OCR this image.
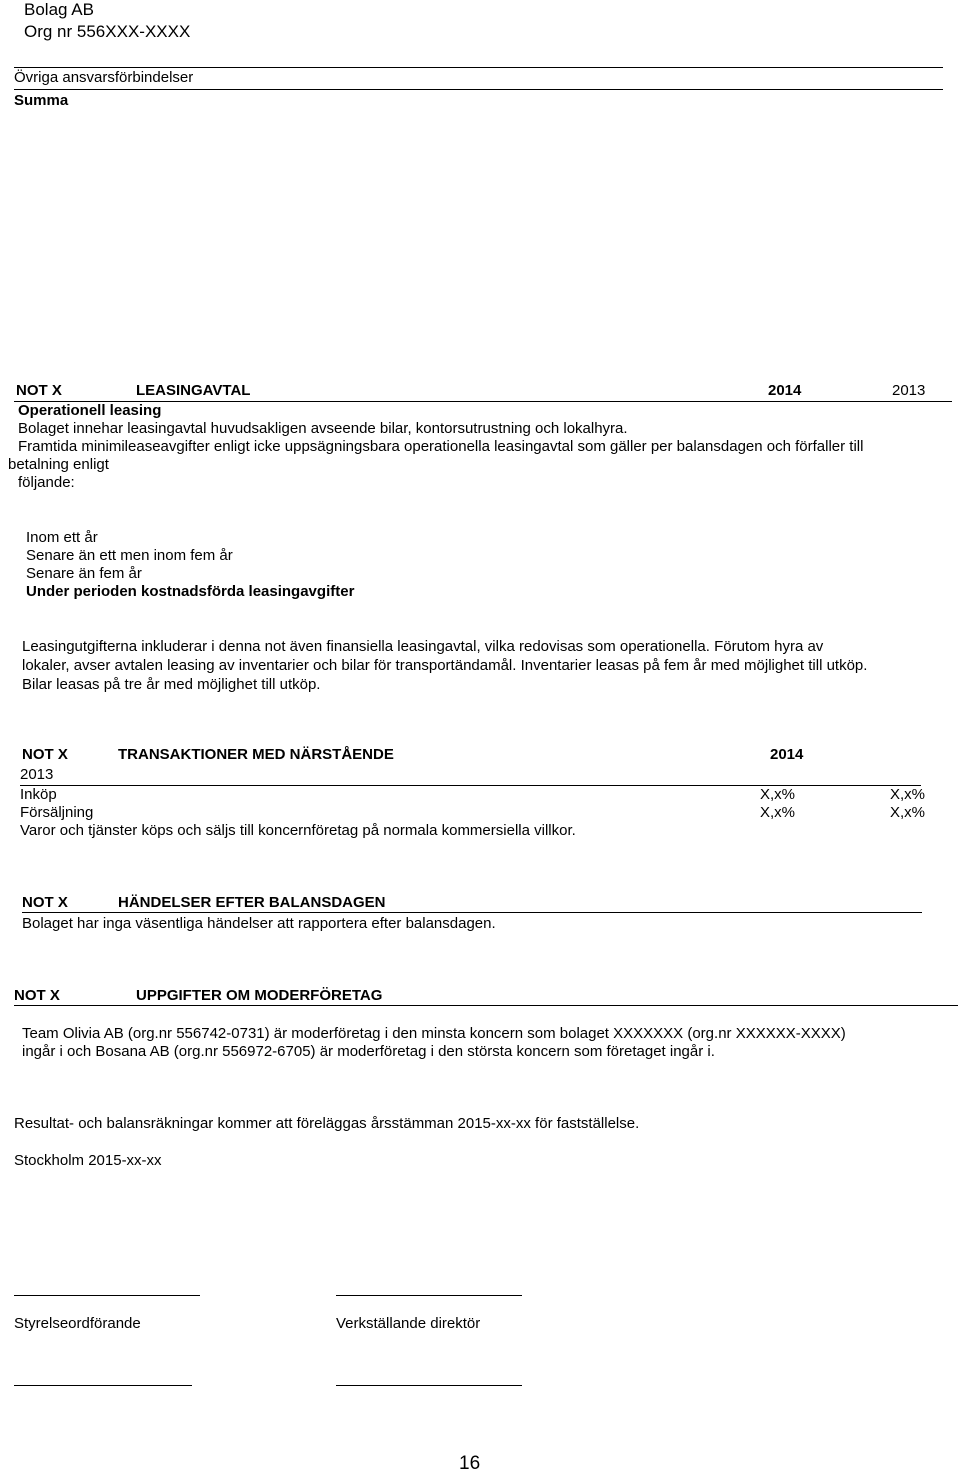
Bolag AB
Org nr 556XXX-XXXX
Övriga ansvarsförbindelser
Summa
NOT X	LEASINGAVTAL	2014	2013
Operationell leasing
Bolaget innehar leasingavtal huvudsakligen avseende bilar, kontorsutrustning och lokalhyra.
Framtida minimileaseavgifter enligt icke uppsägningsbara operationella leasingavtal som gäller per balansdagen och förfaller till
betalning enligt
följande:
Inom ett år
Senare än ett men inom fem år
Senare än fem år
Under perioden kostnadsförda leasingavgifter
Leasingutgifterna inkluderar i denna not även finansiella leasingavtal, vilka redovisas som operationella. Förutom hyra av
lokaler, avser avtalen leasing av inventarier och bilar för transportändamål. Inventarier leasas på fem år med möjlighet till utköp.
Bilar leasas på tre år med möjlighet till utköp.
NOT X	TRANSAKTIONER MED NÄRSTÅENDE	2014
2013
Inköp	X,x%	X,x%
Försäljning	X,x%	X,x%
Varor och tjänster köps och säljs till koncernföretag på normala kommersiella villkor.
NOT X	HÄNDELSER EFTER BALANSDAGEN
Bolaget har inga väsentliga händelser att rapportera efter balansdagen.
NOT X	UPPGIFTER OM MODERFÖRETAG
Team Olivia AB (org.nr 556742-0731) är moderföretag i den minsta koncern som bolaget XXXXXXX (org.nr XXXXXX-XXXX)
ingår i och Bosana AB (org.nr 556972-6705) är moderföretag i den största koncern som företaget ingår i.
Resultat- och balansräkningar kommer att föreläggas årsstämman 2015-xx-xx för fastställelse.
Stockholm 2015-xx-xx
Styrelseordförande	Verkställande direktör
16
